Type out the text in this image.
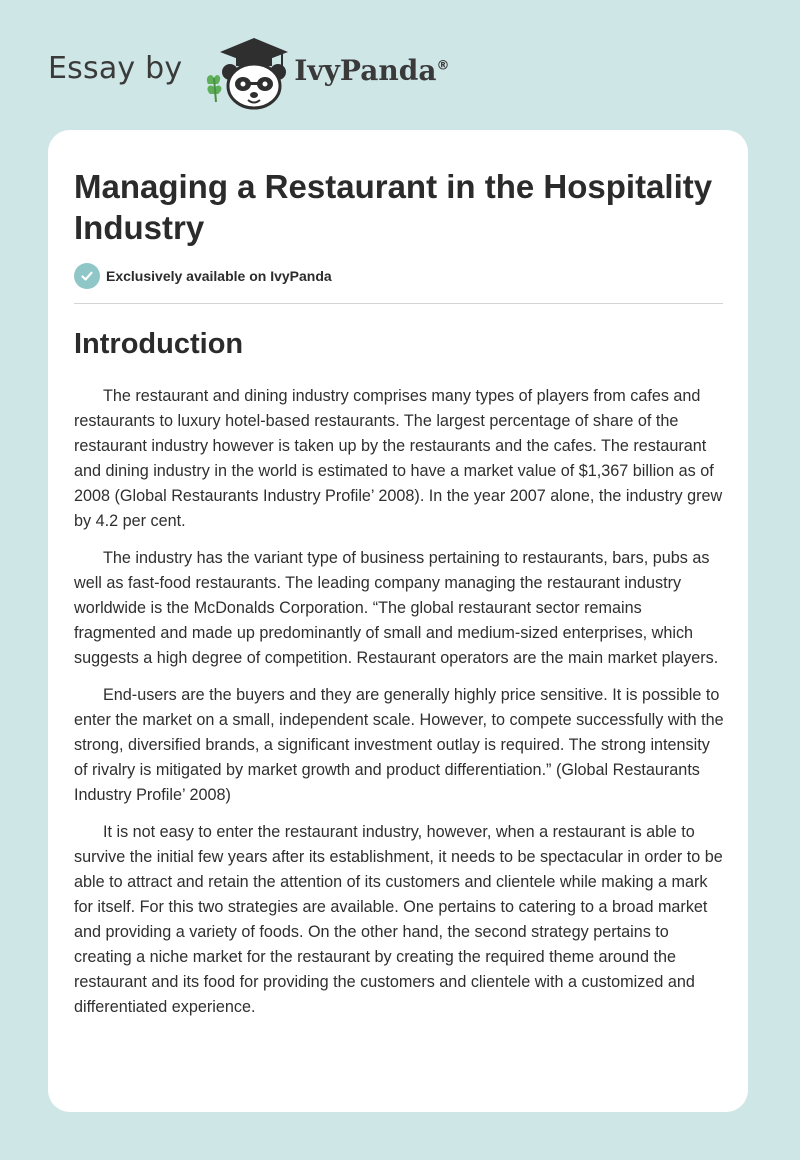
Essay by	IvyPanda®
Managing a Restaurant in the Hospitality Industry
Exclusively available on IvyPanda
Introduction

The restaurant and dining industry comprises many types of players from cafes and restaurants to luxury hotel-based restaurants. The largest percentage of share of the restaurant industry however is taken up by the restaurants and the cafes. The restaurant and dining industry in the world is estimated to have a market value of $1,367 billion as of 2008 (Global Restaurants Industry Profile’ 2008). In the year 2007 alone, the industry grew by 4.2 per cent.

The industry has the variant type of business pertaining to restaurants, bars, pubs as well as fast-food restaurants. The leading company managing the restaurant industry worldwide is the McDonalds Corporation. “The global restaurant sector remains fragmented and made up predominantly of small and medium-sized enterprises, which suggests a high degree of competition. Restaurant operators are the main market players.

End-users are the buyers and they are generally highly price sensitive. It is possible to enter the market on a small, independent scale. However, to compete successfully with the strong, diversified brands, a significant investment outlay is required. The strong intensity of rivalry is mitigated by market growth and product differentiation.” (Global Restaurants Industry Profile’ 2008)

It is not easy to enter the restaurant industry, however, when a restaurant is able to survive the initial few years after its establishment, it needs to be spectacular in order to be able to attract and retain the attention of its customers and clientele while making a mark for itself. For this two strategies are available. One pertains to catering to a broad market and providing a variety of foods. On the other hand, the second strategy pertains to creating a niche market for the restaurant by creating the required theme around the restaurant and its food for providing the customers and clientele with a customized and differentiated experience.
